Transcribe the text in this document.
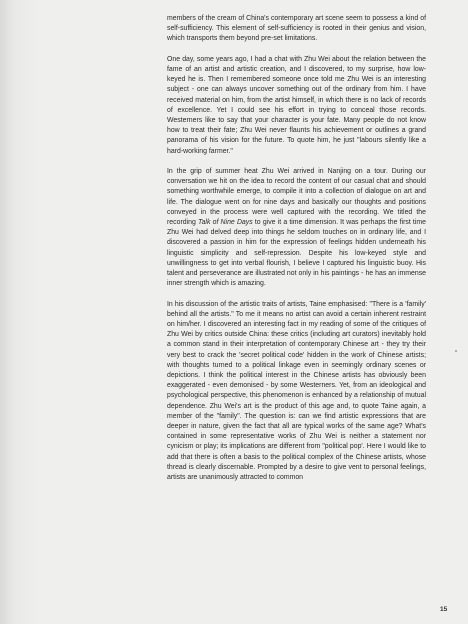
members of the cream of China's contemporary art scene seem to possess a kind of self-sufficiency. This element of self-sufficiency is rooted in their genius and vision, which transports them beyond pre-set limitations.

One day, some years ago, I had a chat with Zhu Wei about the relation between the fame of an artist and artistic creation, and I discovered, to my surprise, how low-keyed he is. Then I remembered someone once told me Zhu Wei is an interesting subject - one can always uncover something out of the ordinary from him. I have received material on him, from the artist himself, in which there is no lack of records of excellence. Yet I could see his effort in trying to conceal those records. Westerners like to say that your character is your fate. Many people do not know how to treat their fate; Zhu Wei never flaunts his achievement or outlines a grand panorama of his vision for the future. To quote him, he just "labours silently like a hard-working farmer."

In the grip of summer heat Zhu Wei arrived in Nanjing on a tour. During our conversation we hit on the idea to record the content of our casual chat and should something worthwhile emerge, to compile it into a collection of dialogue on art and life. The dialogue went on for nine days and basically our thoughts and positions conveyed in the process were well captured with the recording. We titled the recording Talk of Nine Days to give it a time dimension. It was perhaps the first time Zhu Wei had delved deep into things he seldom touches on in ordinary life, and I discovered a passion in him for the expression of feelings hidden underneath his linguistic simplicity and self-repression. Despite his low-keyed style and unwillingness to get into verbal flourish, I believe I captured his linguistic buoy. His talent and perseverance are illustrated not only in his paintings - he has an immense inner strength which is amazing.

In his discussion of the artistic traits of artists, Taine emphasised: "There is a 'family' behind all the artists." To me it means no artist can avoid a certain inherent restraint on him/her. I discovered an interesting fact in my reading of some of the critiques of Zhu Wei by critics outside China: these critics (including art curators) inevitably hold a common stand in their interpretation of contemporary Chinese art - they try their very best to crack the 'secret political code' hidden in the work of Chinese artists; with thoughts turned to a political linkage even in seemingly ordinary scenes or depictions. I think the political interest in the Chinese artists has obviously been exaggerated - even demonised - by some Westerners. Yet, from an ideological and psychological perspective, this phenomenon is enhanced by a relationship of mutual dependence. Zhu Wei's art is the product of this age and, to quote Taine again, a member of the "family". The question is: can we find artistic expressions that are deeper in nature, given the fact that all are typical works of the same age? What's contained in some representative works of Zhu Wei is neither a statement nor cynicism or play; its implications are different from "political pop'. Here I would like to add that there is often a basis to the political complex of the Chinese artists, whose thread is clearly discernable. Prompted by a desire to give vent to personal feelings, artists are unanimously attracted to common

15
